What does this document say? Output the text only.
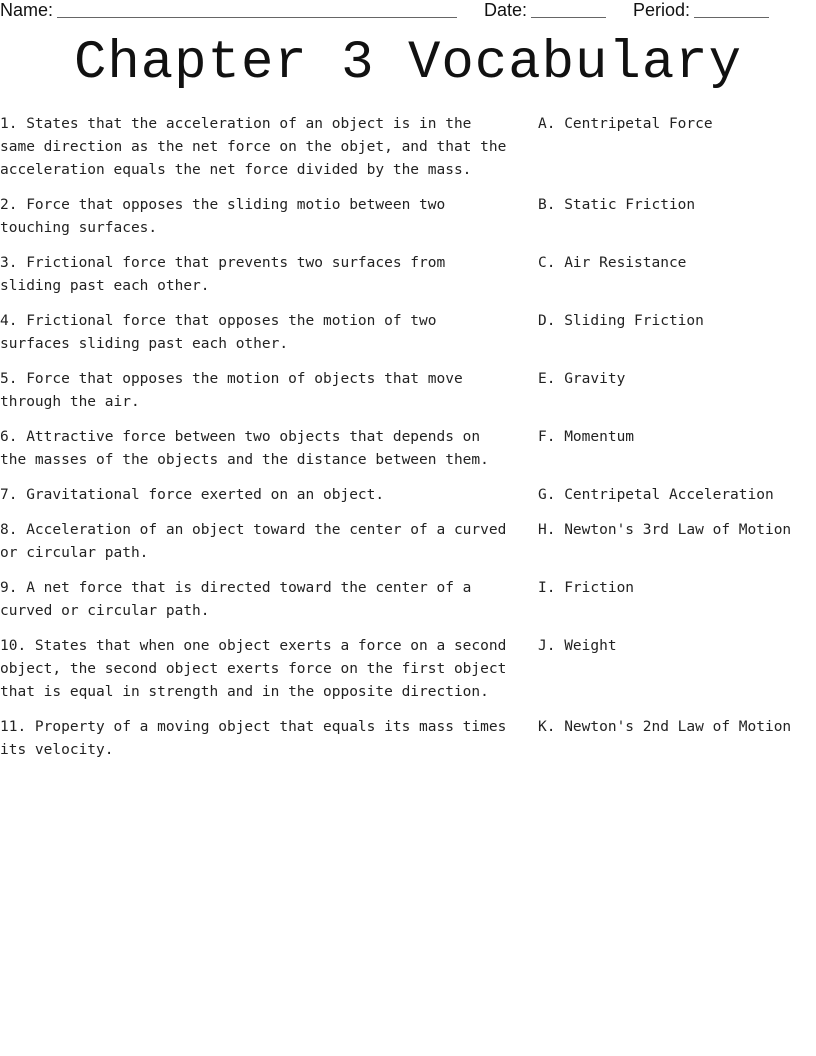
Name:	Date:	Period:
Chapter 3 Vocabulary

1. States that the acceleration of an object is in the same direction as the net force on the objet, and that the acceleration equals the net force divided by the mass.

2. Force that opposes the sliding motio between two touching surfaces.

3. Frictional force that prevents two surfaces from sliding past each other.

4. Frictional force that opposes the motion of two surfaces sliding past each other.

5. Force that opposes the motion of objects that move through the air.

6. Attractive force between two objects that depends on the masses of the objects and the distance between them.

7. Gravitational force exerted on an object.

8. Acceleration of an object toward the center of a curved or circular path.

9. A net force that is directed toward the center of a curved or circular path.

10. States that when one object exerts a force on a second object, the second object exerts force on the first object that is equal in strength and in the opposite direction.

11. Property of a moving object that equals its mass times its velocity.

A. Centripetal Force
B. Static Friction
C. Air Resistance
D. Sliding Friction
E. Gravity
F. Momentum
G. Centripetal Acceleration
H. Newton's 3rd Law of Motion
I. Friction
J. Weight
K. Newton's 2nd Law of Motion
